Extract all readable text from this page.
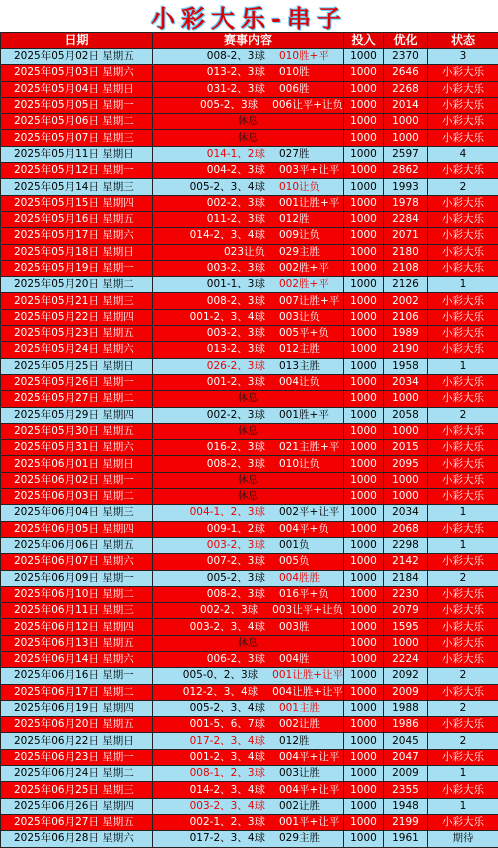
小彩大乐-串子
日期	赛事内容	投入	优化	状态
2025年05月02日 星期五	008-2、3球 010胜+平	1000	2370	3
2025年05月03日 星期六	013-2、3球 010胜	1000	2646	小彩大乐
2025年05月04日 星期日	031-2、3球 006胜	1000	2268	小彩大乐
2025年05月05日 星期一	005-2、3球 006让平+让负	1000	2014	小彩大乐
2025年05月06日 星期二	休息	1000	1000	小彩大乐
2025年05月07日 星期三	休息	1000	1000	小彩大乐
2025年05月11日 星期日	014-1、2球 027胜	1000	2597	4
2025年05月12日 星期一	004-2、3球 003平+让平	1000	2862	小彩大乐
2025年05月14日 星期三	005-2、3、4球 010让负	1000	1993	2
2025年05月15日 星期四	002-2、3球 001让胜+平	1000	1978	小彩大乐
2025年05月16日 星期五	011-2、3球 012胜	1000	2284	小彩大乐
2025年05月17日 星期六	014-2、3、4球 009让负	1000	2071	小彩大乐
2025年05月18日 星期日	023让负 029主胜	1000	2180	小彩大乐
2025年05月19日 星期一	003-2、3球 002胜+平	1000	2108	小彩大乐
2025年05月20日 星期二	001-1、3球 002胜+平	1000	2126	1
2025年05月21日 星期三	008-2、3球 007让胜+平	1000	2002	小彩大乐
2025年05月22日 星期四	001-2、3、4球 003让负	1000	2106	小彩大乐
2025年05月23日 星期五	003-2、3球 005平+负	1000	1989	小彩大乐
2025年05月24日 星期六	013-2、3球 012主胜	1000	2190	小彩大乐
2025年05月25日 星期日	026-2、3球 013主胜	1000	1958	1
2025年05月26日 星期一	001-2、3球 004让负	1000	2034	小彩大乐
2025年05月27日 星期二	休息	1000	1000	小彩大乐
2025年05月29日 星期四	002-2、3球 001胜+平	1000	2058	2
2025年05月30日 星期五	休息	1000	1000	小彩大乐
2025年05月31日 星期六	016-2、3球 021主胜+平	1000	2015	小彩大乐
2025年06月01日 星期日	008-2、3球 010让负	1000	2095	小彩大乐
2025年06月02日 星期一	休息	1000	1000	小彩大乐
2025年06月03日 星期二	休息	1000	1000	小彩大乐
2025年06月04日 星期三	004-1、2、3球 002平+让平	1000	2034	1
2025年06月05日 星期四	009-1、2球 004平+负	1000	2068	小彩大乐
2025年06月06日 星期五	003-2、3球 001负	1000	2298	1
2025年06月07日 星期六	007-2、3球 005负	1000	2142	小彩大乐
2025年06月09日 星期一	005-2、3球 004胜胜	1000	2184	2
2025年06月10日 星期二	008-2、3球 016平+负	1000	2230	小彩大乐
2025年06月11日 星期三	002-2、3球 003让平+让负	1000	2079	小彩大乐
2025年06月12日 星期四	003-2、3、4球 003胜	1000	1595	小彩大乐
2025年06月13日 星期五	休息	1000	1000	小彩大乐
2025年06月14日 星期六	006-2、3球 004胜	1000	2224	小彩大乐
2025年06月16日 星期一	005-0、2、3球 001让胜+让平	1000	2092	2
2025年06月17日 星期二	012-2、3、4球 004让胜+让平	1000	2009	小彩大乐
2025年06月19日 星期四	005-2、3、4球 001主胜	1000	1988	2
2025年06月20日 星期五	001-5、6、7球 002让胜	1000	1986	小彩大乐
2025年06月22日 星期日	017-2、3、4球 012胜	1000	2045	2
2025年06月23日 星期一	001-2、3、4球 004平+让平	1000	2047	小彩大乐
2025年06月24日 星期二	008-1、2、3球 003让胜	1000	2009	1
2025年06月25日 星期三	014-2、3、4球 004平+让平	1000	2355	小彩大乐
2025年06月26日 星期四	003-2、3、4球 002让胜	1000	1948	1
2025年06月27日 星期五	002-1、2、3球 001平+让平	1000	2199	小彩大乐
2025年06月28日 星期六	017-2、3、4球 029主胜	1000	1961	期待
